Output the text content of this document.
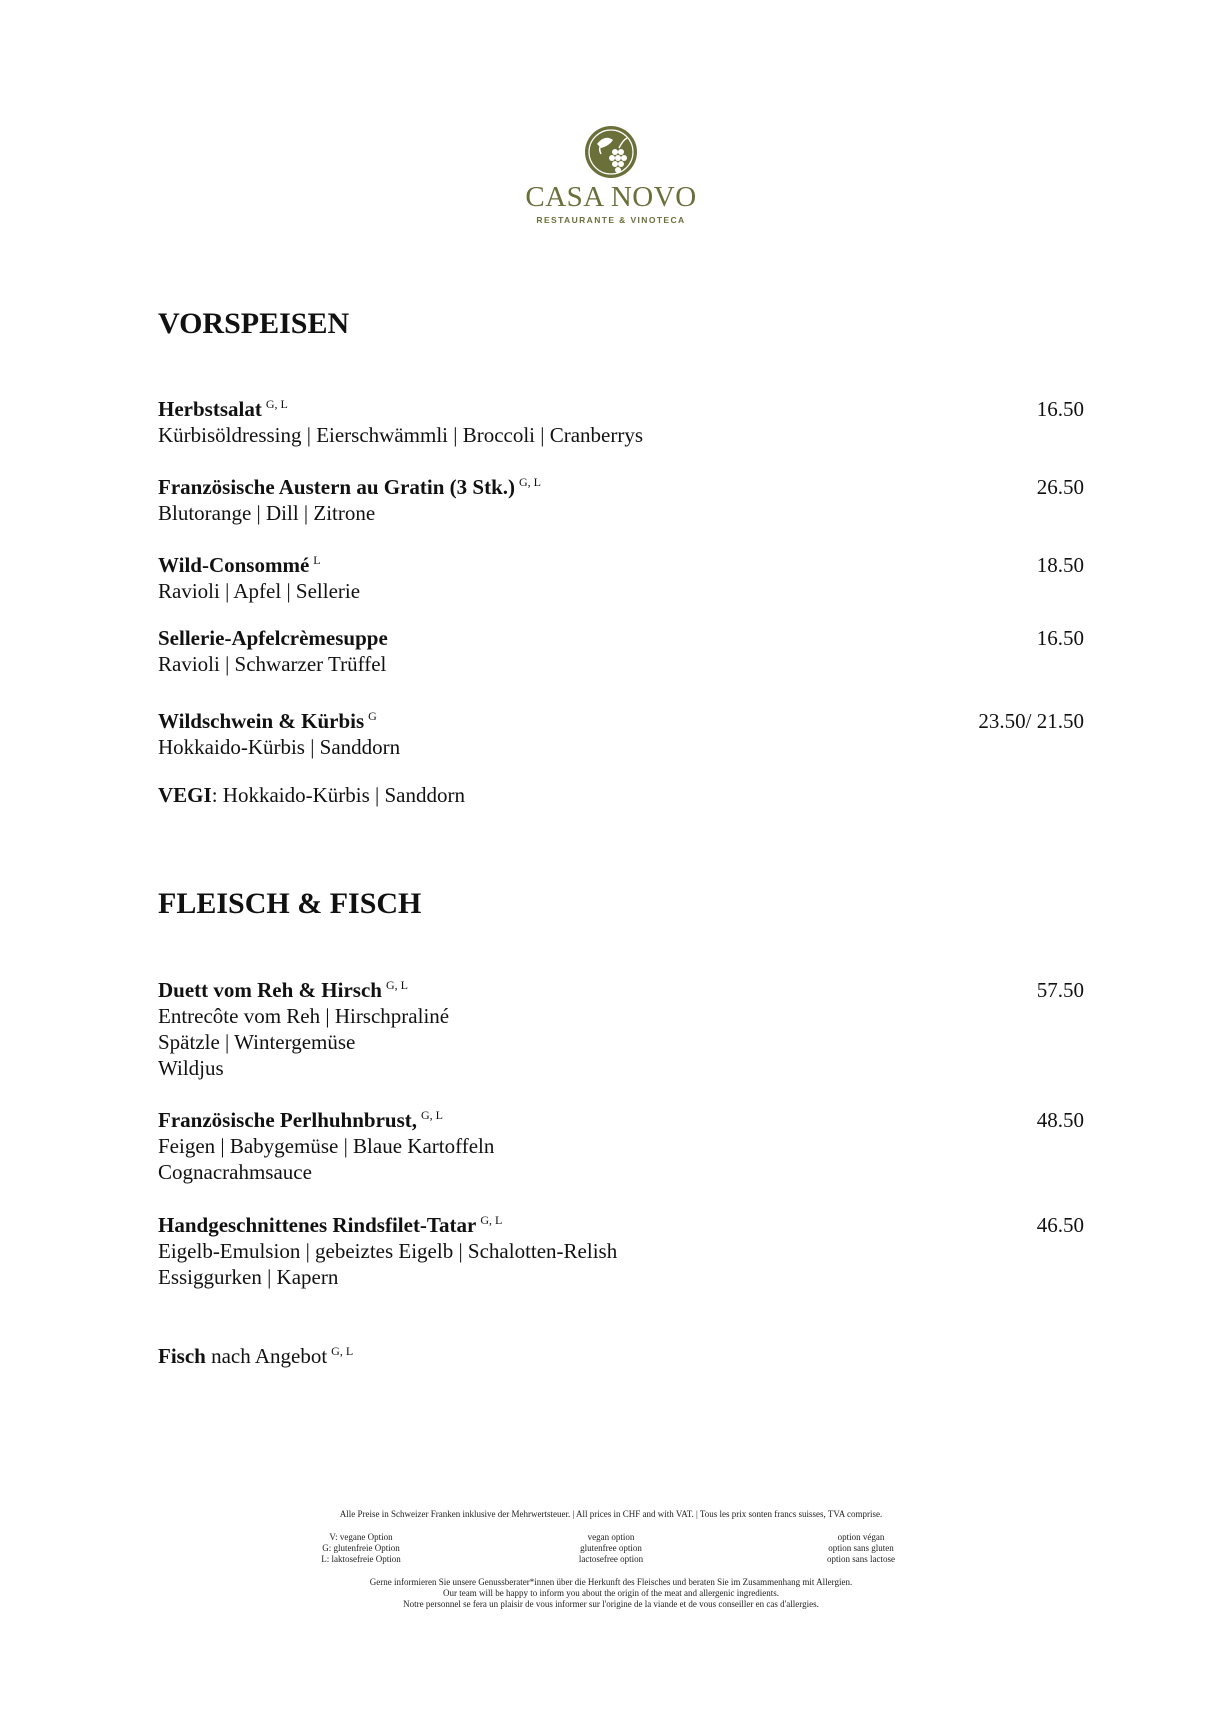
CASA NOVO
RESTAURANTE & VINOTECA
VORSPEISEN
Herbstsalat $^{G, L}$	16.50
Kürbisöldressing | Eierschwämmli | Broccoli | Cranberrys
Französische Austern au Gratin (3 Stk.) $^{G, L}$	26.50
Blutorange | Dill | Zitrone
Wild-Consommé $^L$	18.50
Ravioli | Apfel | Sellerie
Sellerie-Apfelcrèmesuppe	16.50
Ravioli | Schwarzer Trüffel
Wildschwein & Kürbis $^G$	23.50/ 21.50
Hokkaido-Kürbis | Sanddorn
VEGI: Hokkaido-Kürbis | Sanddorn
FLEISCH & FISCH
Duett vom Reh & Hirsch $^{G, L}$	57.50
Entrecôte vom Reh | Hirschpraliné
Spätzle | Wintergemüse
Wildjus
Französische Perlhuhnbrust, $^{G, L}$	48.50
Feigen | Babygemüse | Blaue Kartoffeln
Cognacrahmsauce
Handgeschnittenes Rindsfilet-Tatar $^{G, L}$	46.50
Eigelb-Emulsion | gebeiztes Eigelb | Schalotten-Relish
Essiggurken | Kapern
Fisch nach Angebot $^{G, L}$
Alle Preise in Schweizer Franken inklusive der Mehrwertsteuer. | All prices in CHF and with VAT. | Tous les prix sonten francs suisses, TVA comprise.
V: vegane Option
G: glutenfreie Option
L: laktosefreie Option
vegan option
glutenfree option
lactosefree option
option végan
option sans gluten
option sans lactose
Gerne informieren Sie unsere Genussberater*innen über die Herkunft des Fleisches und beraten Sie im Zusammenhang mit Allergien.
Our team will be happy to inform you about the origin of the meat and allergenic ingredients.
Notre personnel se fera un plaisir de vous informer sur l'origine de la viande et de vous conseiller en cas d'allergies.
